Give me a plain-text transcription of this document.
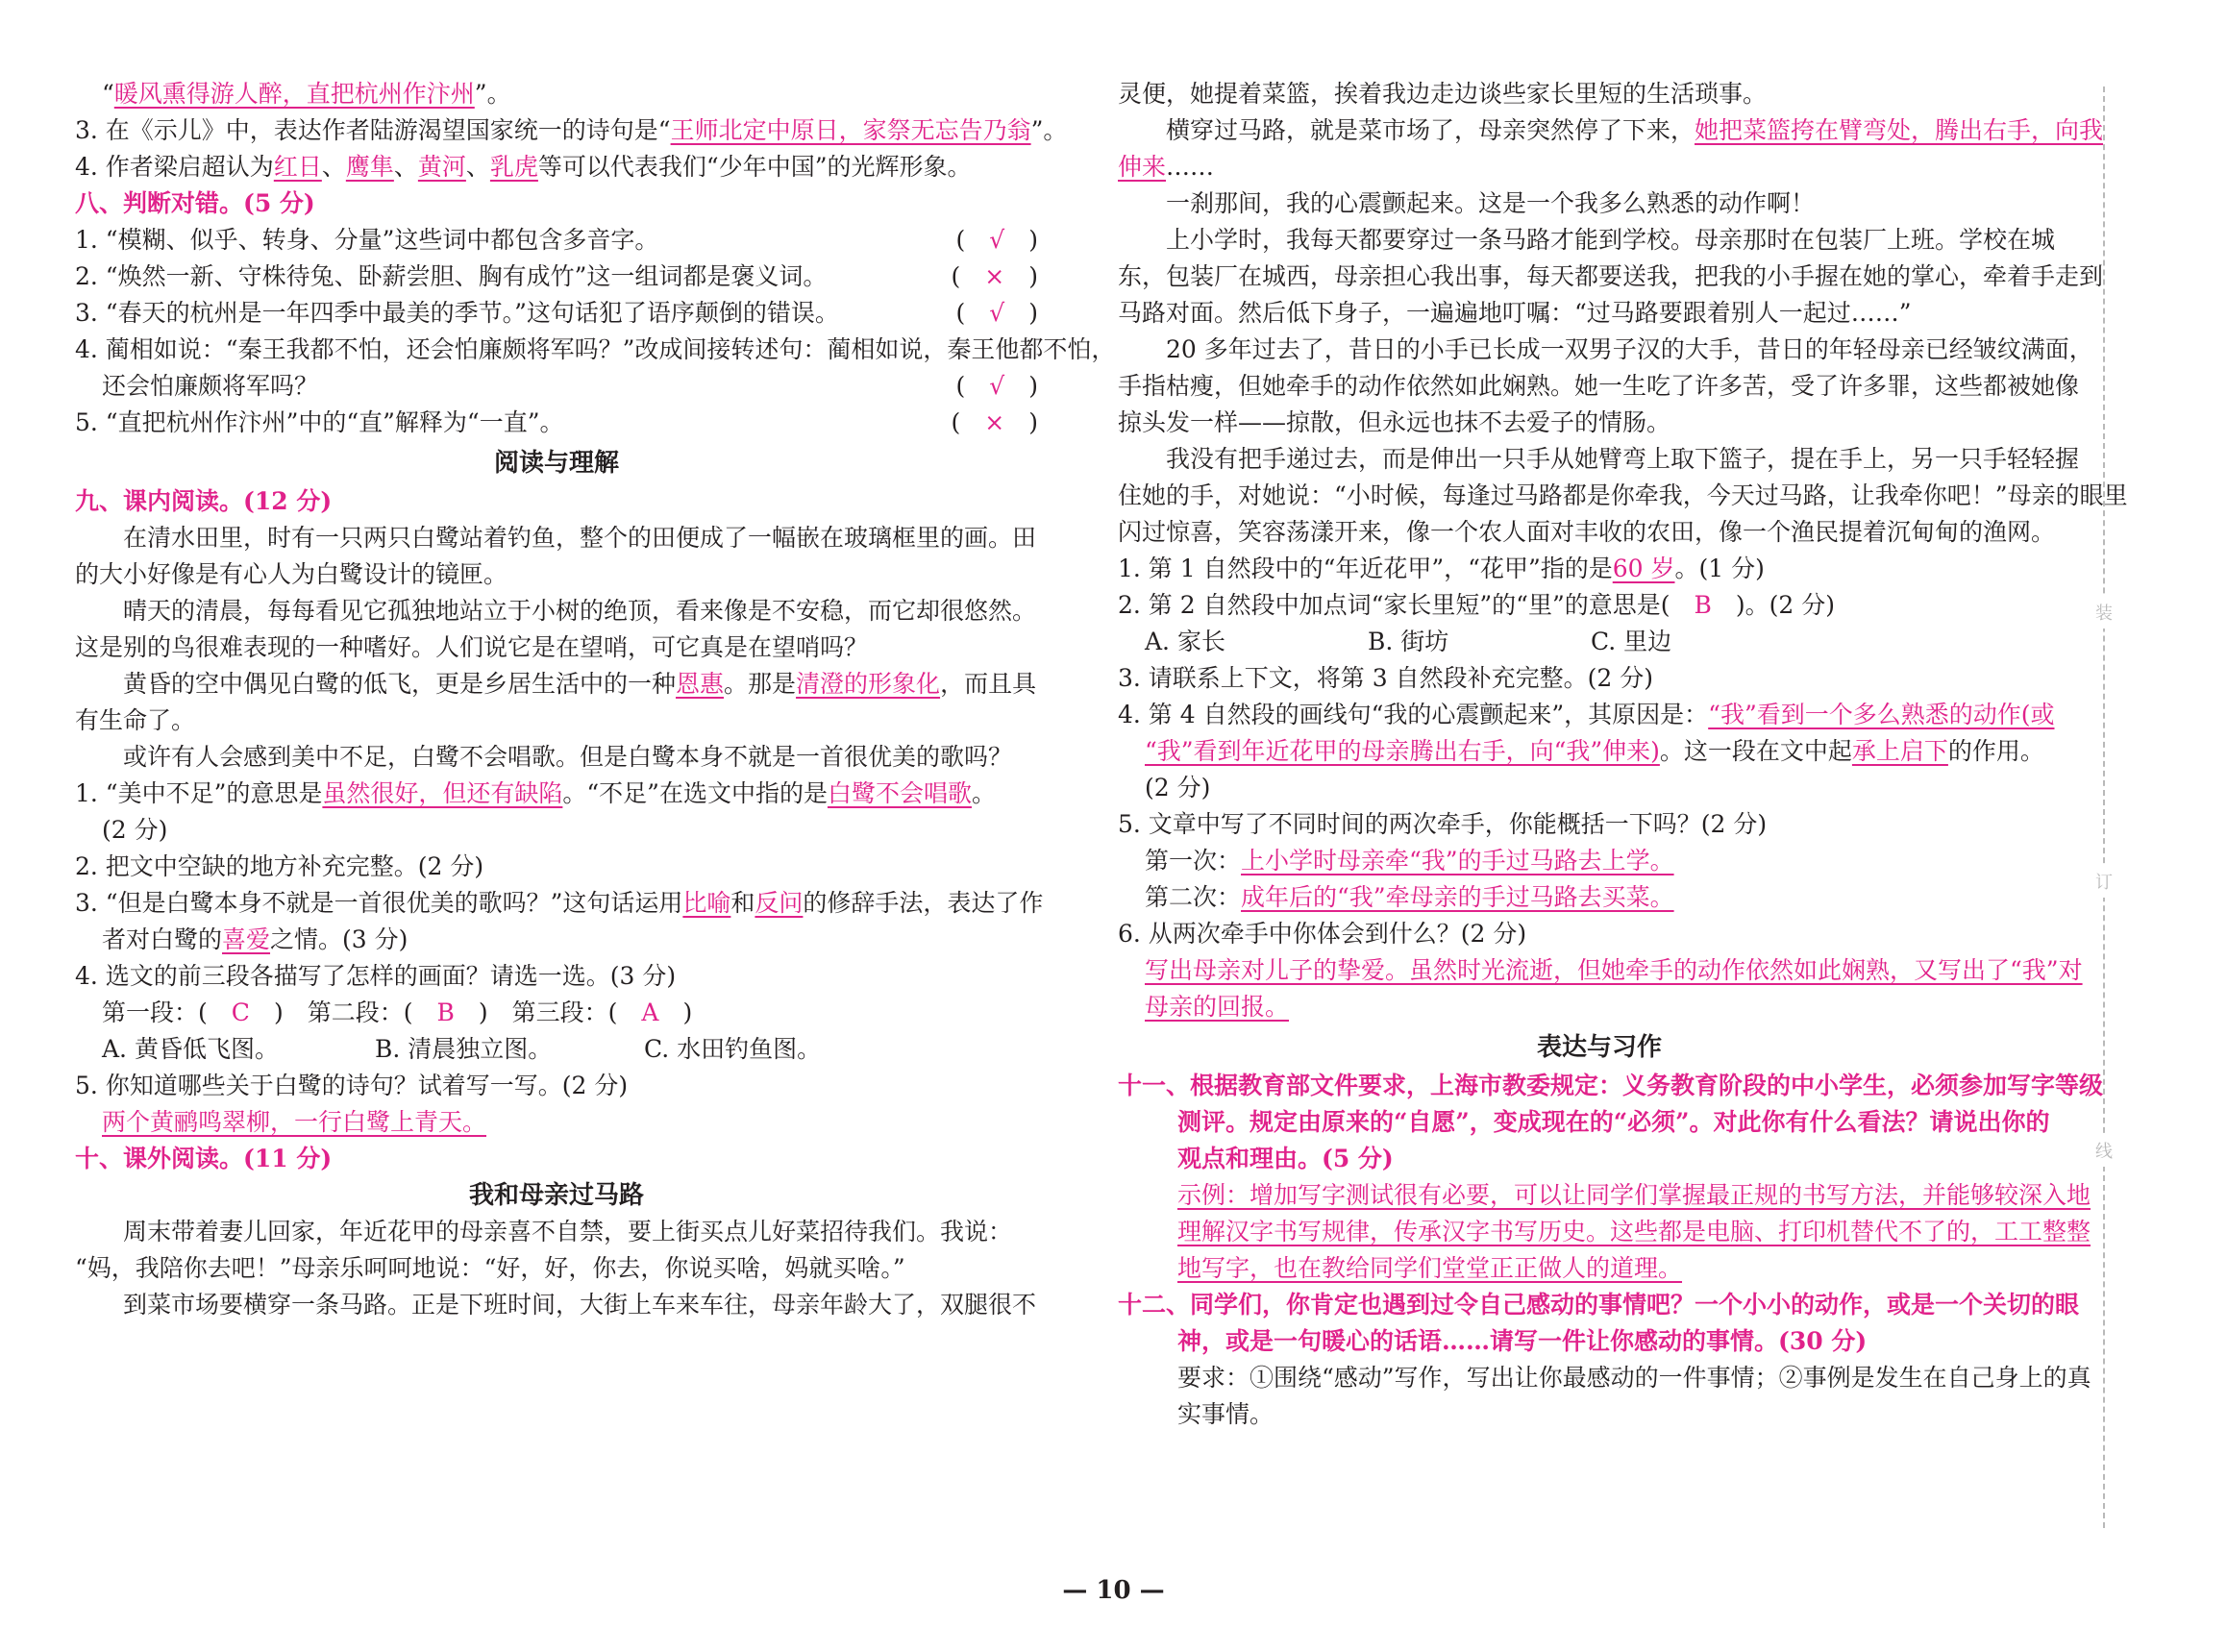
“暖风熏得游人醉，直把杭州作汴州”。
3. 在《示儿》中，表达作者陆游渴望国家统一的诗句是“王师北定中原日，家祭无忘告乃翁”。
4. 作者梁启超认为红日、鹰隼、黄河、乳虎等可以代表我们“少年中国”的光辉形象。
八、判断对错。(5 分)
1. “模糊、似乎、转身、分量”这些词中都包含多音字。	(　√　)
2. “焕然一新、守株待兔、卧薪尝胆、胸有成竹”这一组词都是褒义词。	(　×　)
3. “春天的杭州是一年四季中最美的季节。”这句话犯了语序颠倒的错误。	(　√　)
4. 蔺相如说：“秦王我都不怕，还会怕廉颇将军吗？”改成间接转述句：蔺相如说，秦王他都不怕，
还会怕廉颇将军吗？	(　√　)
5. “直把杭州作汴州”中的“直”解释为“一直”。	(　×　)
阅读与理解
九、课内阅读。(12 分)
在清水田里，时有一只两只白鹭站着钓鱼，整个的田便成了一幅嵌在玻璃框里的画。田
的大小好像是有心人为白鹭设计的镜匣。
晴天的清晨，每每看见它孤独地站立于小树的绝顶，看来像是不安稳，而它却很悠然。
这是别的鸟很难表现的一种嗜好。人们说它是在望哨，可它真是在望哨吗？
黄昏的空中偶见白鹭的低飞，更是乡居生活中的一种恩惠。那是清澄的形象化，而且具
有生命了。
或许有人会感到美中不足，白鹭不会唱歌。但是白鹭本身不就是一首很优美的歌吗？
1. “美中不足”的意思是虽然很好，但还有缺陷。“不足”在选文中指的是白鹭不会唱歌。
(2 分)
2. 把文中空缺的地方补充完整。(2 分)
3. “但是白鹭本身不就是一首很优美的歌吗？”这句话运用比喻和反问的修辞手法，表达了作
者对白鹭的喜爱之情。(3 分)
4. 选文的前三段各描写了怎样的画面？请选一选。(3 分)
第一段：(　 C　 )　第二段：(　 B　 )　第三段：(　 A　 )
A. 黄昏低飞图。	B. 清晨独立图。	C. 水田钓鱼图。
5. 你知道哪些关于白鹭的诗句？试着写一写。(2 分)
两个黄鹂鸣翠柳，一行白鹭上青天。
十、课外阅读。(11 分)
我和母亲过马路
周末带着妻儿回家，年近花甲的母亲喜不自禁，要上街买点儿好菜招待我们。我说：
“妈，我陪你去吧！”母亲乐呵呵地说：“好，好，你去，你说买啥，妈就买啥。”
到菜市场要横穿一条马路。正是下班时间，大街上车来车往，母亲年龄大了，双腿很不
灵便，她提着菜篮，挨着我边走边谈些家长里短的生活琐事。
横穿过马路，就是菜市场了，母亲突然停了下来，她把菜篮挎在臂弯处，腾出右手，向我
伸来……
一刹那间，我的心震颤起来。这是一个我多么熟悉的动作啊！
上小学时，我每天都要穿过一条马路才能到学校。母亲那时在包装厂上班。学校在城
东，包装厂在城西，母亲担心我出事，每天都要送我，把我的小手握在她的掌心，牵着手走到
马路对面。然后低下身子，一遍遍地叮嘱：“过马路要跟着别人一起过……”
20 多年过去了，昔日的小手已长成一双男子汉的大手，昔日的年轻母亲已经皱纹满面，
手指枯瘦，但她牵手的动作依然如此娴熟。她一生吃了许多苦，受了许多罪，这些都被她像
掠头发一样——掠散，但永远也抹不去爱子的情肠。
我没有把手递过去，而是伸出一只手从她臂弯上取下篮子，提在手上，另一只手轻轻握
住她的手，对她说：“小时候，每逢过马路都是你牵我，今天过马路，让我牵你吧！”母亲的眼里
闪过惊喜，笑容荡漾开来，像一个农人面对丰收的农田，像一个渔民提着沉甸甸的渔网。
1. 第 1 自然段中的“年近花甲”，“花甲”指的是60 岁。(1 分)
2. 第 2 自然段中加点词“家长里短”的“里”的意思是(　 B　 )。(2 分)
A. 家长	B. 街坊	C. 里边
3. 请联系上下文，将第 3 自然段补充完整。(2 分)
4. 第 4 自然段的画线句“我的心震颤起来”，其原因是：“我”看到一个多么熟悉的动作(或
“我”看到年近花甲的母亲腾出右手，向“我”伸来)。这一段在文中起承上启下的作用。
(2 分)
5. 文章中写了不同时间的两次牵手，你能概括一下吗？(2 分)
第一次：上小学时母亲牵“我”的手过马路去上学。
第二次：成年后的“我”牵母亲的手过马路去买菜。
6. 从两次牵手中你体会到什么？(2 分)
写出母亲对儿子的挚爱。虽然时光流逝，但她牵手的动作依然如此娴熟，又写出了“我”对
母亲的回报。
表达与习作
十一、根据教育部文件要求，上海市教委规定：义务教育阶段的中小学生，必须参加写字等级
测评。规定由原来的“自愿”，变成现在的“必须”。对此你有什么看法？请说出你的
观点和理由。(5 分)
示例：增加写字测试很有必要，可以让同学们掌握最正规的书写方法，并能够较深入地
理解汉字书写规律，传承汉字书写历史。这些都是电脑、打印机替代不了的，工工整整
地写字，也在教给同学们堂堂正正做人的道理。
十二、同学们，你肯定也遇到过令自己感动的事情吧？一个小小的动作，或是一个关切的眼
神，或是一句暖心的话语……请写一件让你感动的事情。(30 分)
要求：①围绕“感动”写作，写出让你最感动的一件事情；②事例是发生在自己身上的真
实事情。
装
订
线
— 10 —
